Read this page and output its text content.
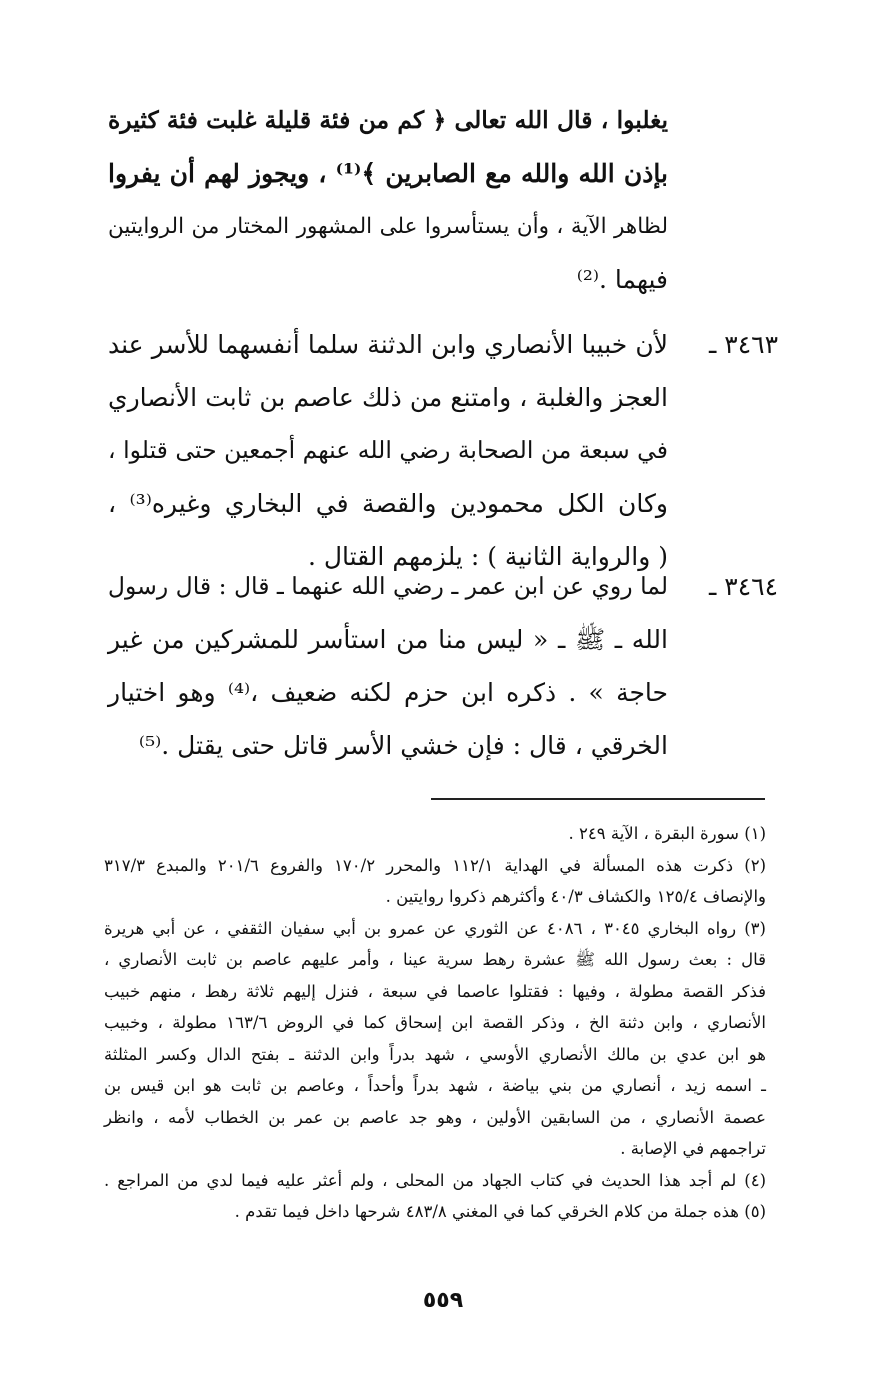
يغلبوا ، قال الله تعالى ﴿ كم من فئة قليلة غلبت فئة كثيرة
بإذن الله والله مع الصابرين ﴾⁽¹⁾ ، ويجوز لهم أن يفروا
لظاهر الآية ، وأن يستأسروا على المشهور المختار من الروايتين
فيهما .⁽²⁾
٣٤٦٣ ـ
لأن خبيبا الأنصاري وابن الدثنة سلما أنفسهما للأسر عند
العجز والغلبة ، وامتنع من ذلك عاصم بن ثابت الأنصاري
في سبعة من الصحابة رضي الله عنهم أجمعين حتى قتلوا ،
وكان الكل محمودين والقصة في البخاري وغيره⁽³⁾ ،
( والرواية الثانية ) : يلزمهم القتال .
٣٤٦٤ ـ
لما روي عن ابن عمر ـ رضي الله عنهما ـ قال : قال رسول
الله ـ ﷺ ـ « ليس منا من استأسر للمشركين من غير
حاجة » . ذكره ابن حزم لكنه ضعيف ،⁽⁴⁾ وهو اختيار
الخرقي ، قال : فإن خشي الأسر قاتل حتى يقتل .⁽⁵⁾
(١) سورة البقرة ، الآية ٢٤٩ .
(٢) ذكرت هذه المسألة في الهداية ١١٢/١ والمحرر ١٧٠/٢ والفروع ٢٠١/٦ والمبدع ٣١٧/٣
والإنصاف ١٢٥/٤ والكشاف ٤٠/٣ وأكثرهم ذكروا روايتين .
(٣) رواه البخاري ٣٠٤٥ ، ٤٠٨٦ عن الثوري عن عمرو بن أبي سفيان الثقفي ، عن أبي هريرة
قال : بعث رسول الله ﷺ عشرة رهط سرية عينا ، وأمر عليهم عاصم بن ثابت الأنصاري ،
فذكر القصة مطولة ، وفيها : فقتلوا عاصما في سبعة ، فنزل إليهم ثلاثة رهط ، منهم خبيب
الأنصاري ، وابن دثنة الخ ، وذكر القصة ابن إسحاق كما في الروض ١٦٣/٦ مطولة ، وخبيب
هو ابن عدي بن مالك الأنصاري الأوسي ، شهد بدراً وابن الدثنة ـ بفتح الدال وكسر المثلثة
ـ اسمه زيد ، أنصاري من بني بياضة ، شهد بدراً وأحداً ، وعاصم بن ثابت هو ابن قيس بن
عصمة الأنصاري ، من السابقين الأولين ، وهو جد عاصم بن عمر بن الخطاب لأمه ، وانظر
تراجمهم في الإصابة .
(٤) لم أجد هذا الحديث في كتاب الجهاد من المحلى ، ولم أعثر عليه فيما لدي من المراجع .
(٥) هذه جملة من كلام الخرقي كما في المغني ٤٨٣/٨ شرحها داخل فيما تقدم .
٥٥٩
